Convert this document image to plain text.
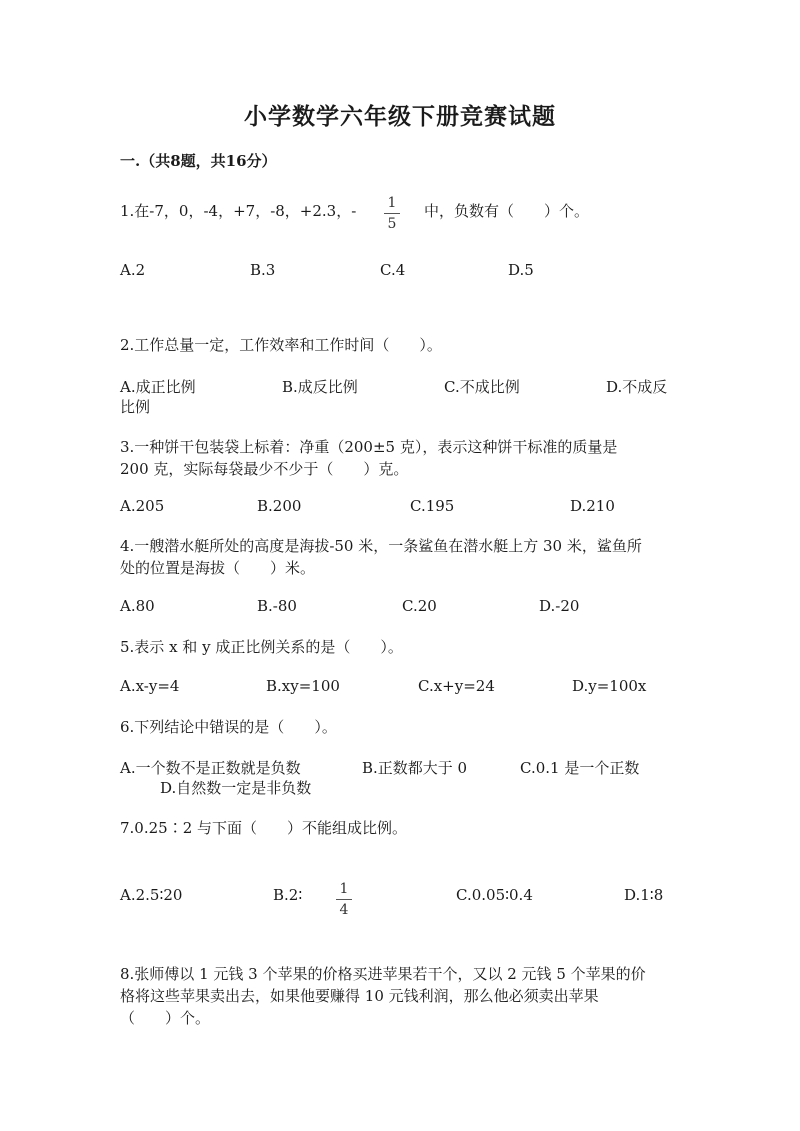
小学数学六年级下册竞赛试题
一.（共8题，共16分）
1.在-7，0，-4，+7，-8，+2.3，- 1
5
中，负数有（　　）个。
A.2	B.3	C.4	D.5
2.工作总量一定，工作效率和工作时间（　　）。
A.成正比例	B.成反比例	C.不成比例	D.不成反
比例
3.一种饼干包装袋上标着：净重（200±5 克），表示这种饼干标准的质量是
200 克，实际每袋最少不少于（　　）克。
A.205	B.200	C.195	D.210
4.一艘潜水艇所处的高度是海拔-50 米，一条鲨鱼在潜水艇上方 30 米，鲨鱼所
处的位置是海拔（　　）米。
A.80	B.-80	C.20	D.-20
5.表示 x 和 y 成正比例关系的是（　　）。
A.x-y=4	B.xy=100	C.x+y=24	D.y=100x
6.下列结论中错误的是（　　）。
A.一个数不是正数就是负数	B.正数都大于 0	C.0.1 是一个正数
D.自然数一定是非负数
7.0.25∶2 与下面（　　）不能组成比例。
A.2.5∶20	B.2∶	1
4
C.0.05∶0.4	D.1∶8
8.张师傅以 1 元钱 3 个苹果的价格买进苹果若干个，又以 2 元钱 5 个苹果的价
格将这些苹果卖出去，如果他要赚得 10 元钱利润，那么他必须卖出苹果
（　　）个。
